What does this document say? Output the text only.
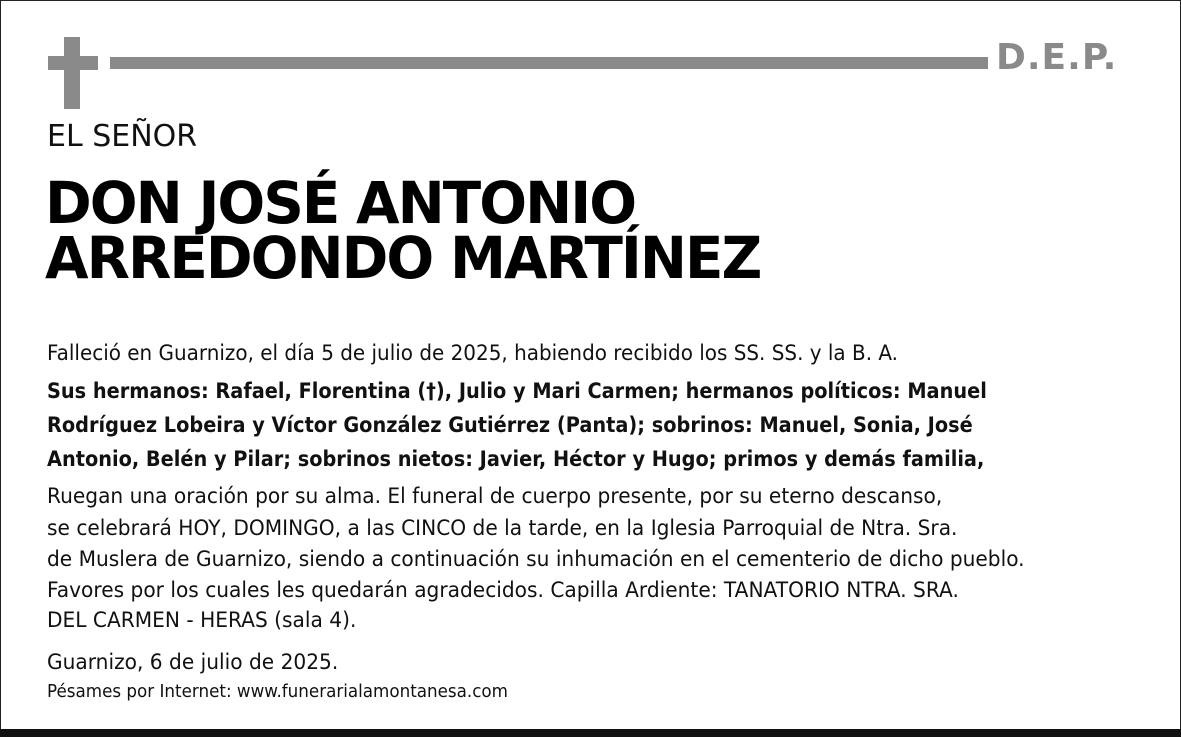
D.E.P.
EL SEÑOR
DON JOSÉ ANTONIO
ARREDONDO MARTÍNEZ
Falleció en Guarnizo, el día 5 de julio de 2025, habiendo recibido los SS. SS. y la B. A.
Sus hermanos: Rafael, Florentina (†), Julio y Mari Carmen; hermanos políticos: Manuel
Rodríguez Lobeira y Víctor González Gutiérrez (Panta); sobrinos: Manuel, Sonia, José
Antonio, Belén y Pilar; sobrinos nietos: Javier, Héctor y Hugo; primos y demás familia,
Ruegan una oración por su alma. El funeral de cuerpo presente, por su eterno descanso,
se celebrará HOY, DOMINGO, a las CINCO de la tarde, en la Iglesia Parroquial de Ntra. Sra.
de Muslera de Guarnizo, siendo a continuación su inhumación en el cementerio de dicho pueblo.
Favores por los cuales les quedarán agradecidos. Capilla Ardiente: TANATORIO NTRA. SRA.
DEL CARMEN - HERAS (sala 4).
Guarnizo, 6 de julio de 2025.
Pésames por Internet: www.funerarialamontanesa.com
